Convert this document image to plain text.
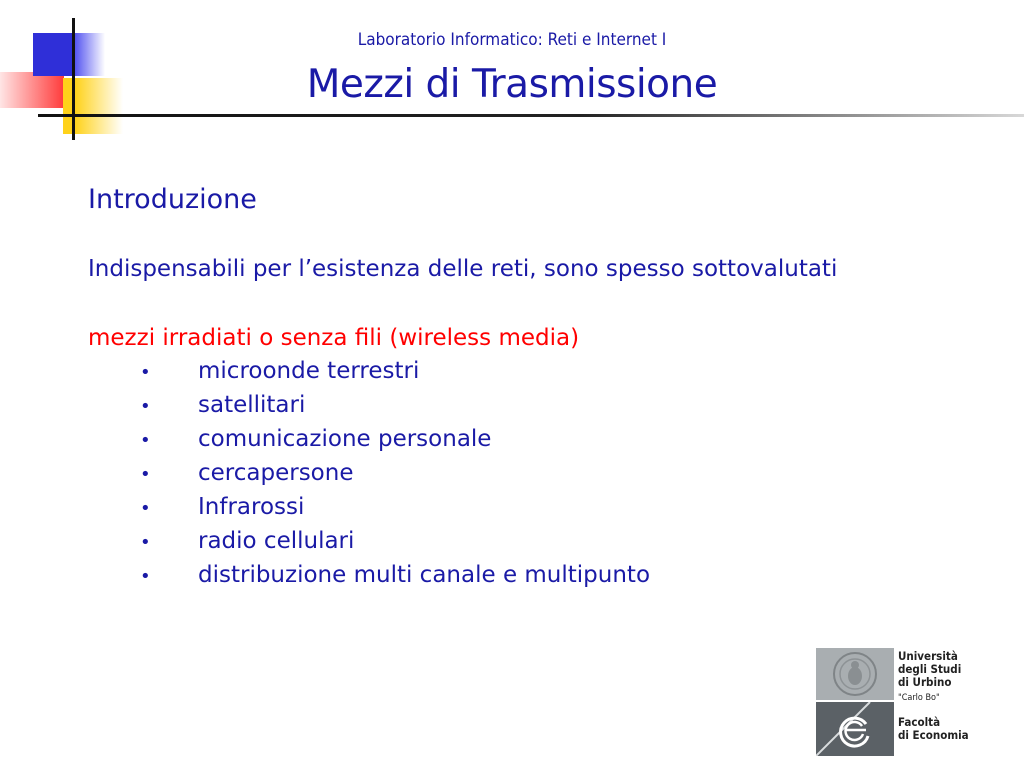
Laboratorio Informatico: Reti e Internet I
Mezzi di Trasmissione
Introduzione
Indispensabili per l’esistenza delle reti, sono spesso sottovalutati
mezzi irradiati o senza fili (wireless media)
•	microonde terrestri
•	satellitari
•	comunicazione personale
•	cercapersone
•	Infrarossi
•	radio cellulari
•	distribuzione multi canale e multipunto
Università
degli Studi
di Urbino
"Carlo Bo"
Facoltà
di Economia
